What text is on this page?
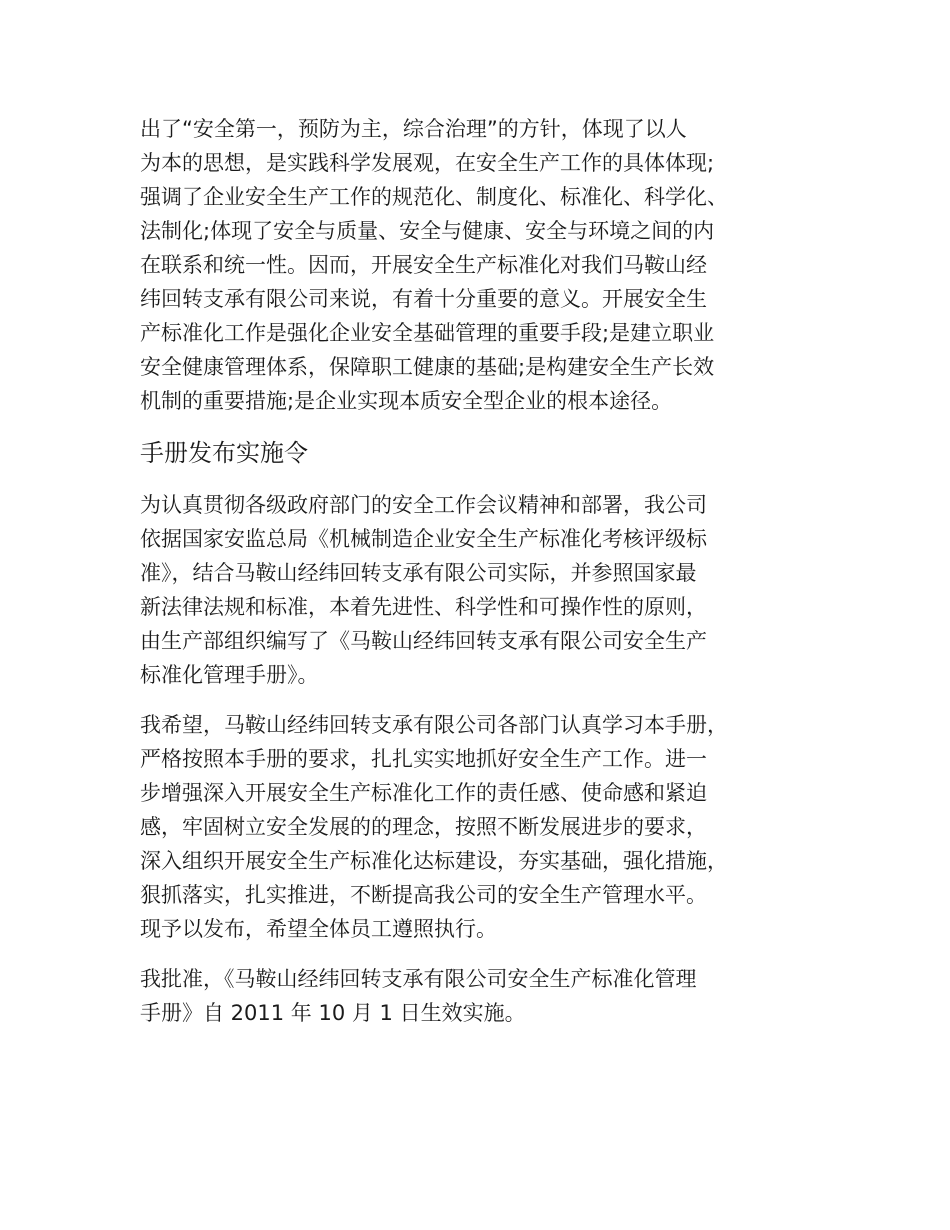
出了“安全第一，预防为主，综合治理”的方针，体现了以人
为本的思想，是实践科学发展观，在安全生产工作的具体体现;
强调了企业安全生产工作的规范化、制度化、标准化、科学化、
法制化;体现了安全与质量、安全与健康、安全与环境之间的内
在联系和统一性。因而，开展安全生产标准化对我们马鞍山经
纬回转支承有限公司来说，有着十分重要的意义。开展安全生
产标准化工作是强化企业安全基础管理的重要手段;是建立职业
安全健康管理体系，保障职工健康的基础;是构建安全生产长效
机制的重要措施;是企业实现本质安全型企业的根本途径。

手册发布实施令

为认真贯彻各级政府部门的安全工作会议精神和部署，我公司
依据国家安监总局《机械制造企业安全生产标准化考核评级标
准》，结合马鞍山经纬回转支承有限公司实际，并参照国家最
新法律法规和标准，本着先进性、科学性和可操作性的原则，
由生产部组织编写了《马鞍山经纬回转支承有限公司安全生产
标准化管理手册》。

我希望，马鞍山经纬回转支承有限公司各部门认真学习本手册，
严格按照本手册的要求，扎扎实实地抓好安全生产工作。进一
步增强深入开展安全生产标准化工作的责任感、使命感和紧迫
感，牢固树立安全发展的的理念，按照不断发展进步的要求，
深入组织开展安全生产标准化达标建设，夯实基础，强化措施，
狠抓落实，扎实推进，不断提高我公司的安全生产管理水平。
现予以发布，希望全体员工遵照执行。

我批准，《马鞍山经纬回转支承有限公司安全生产标准化管理
手册》自 2011 年 10 月 1 日生效实施。
